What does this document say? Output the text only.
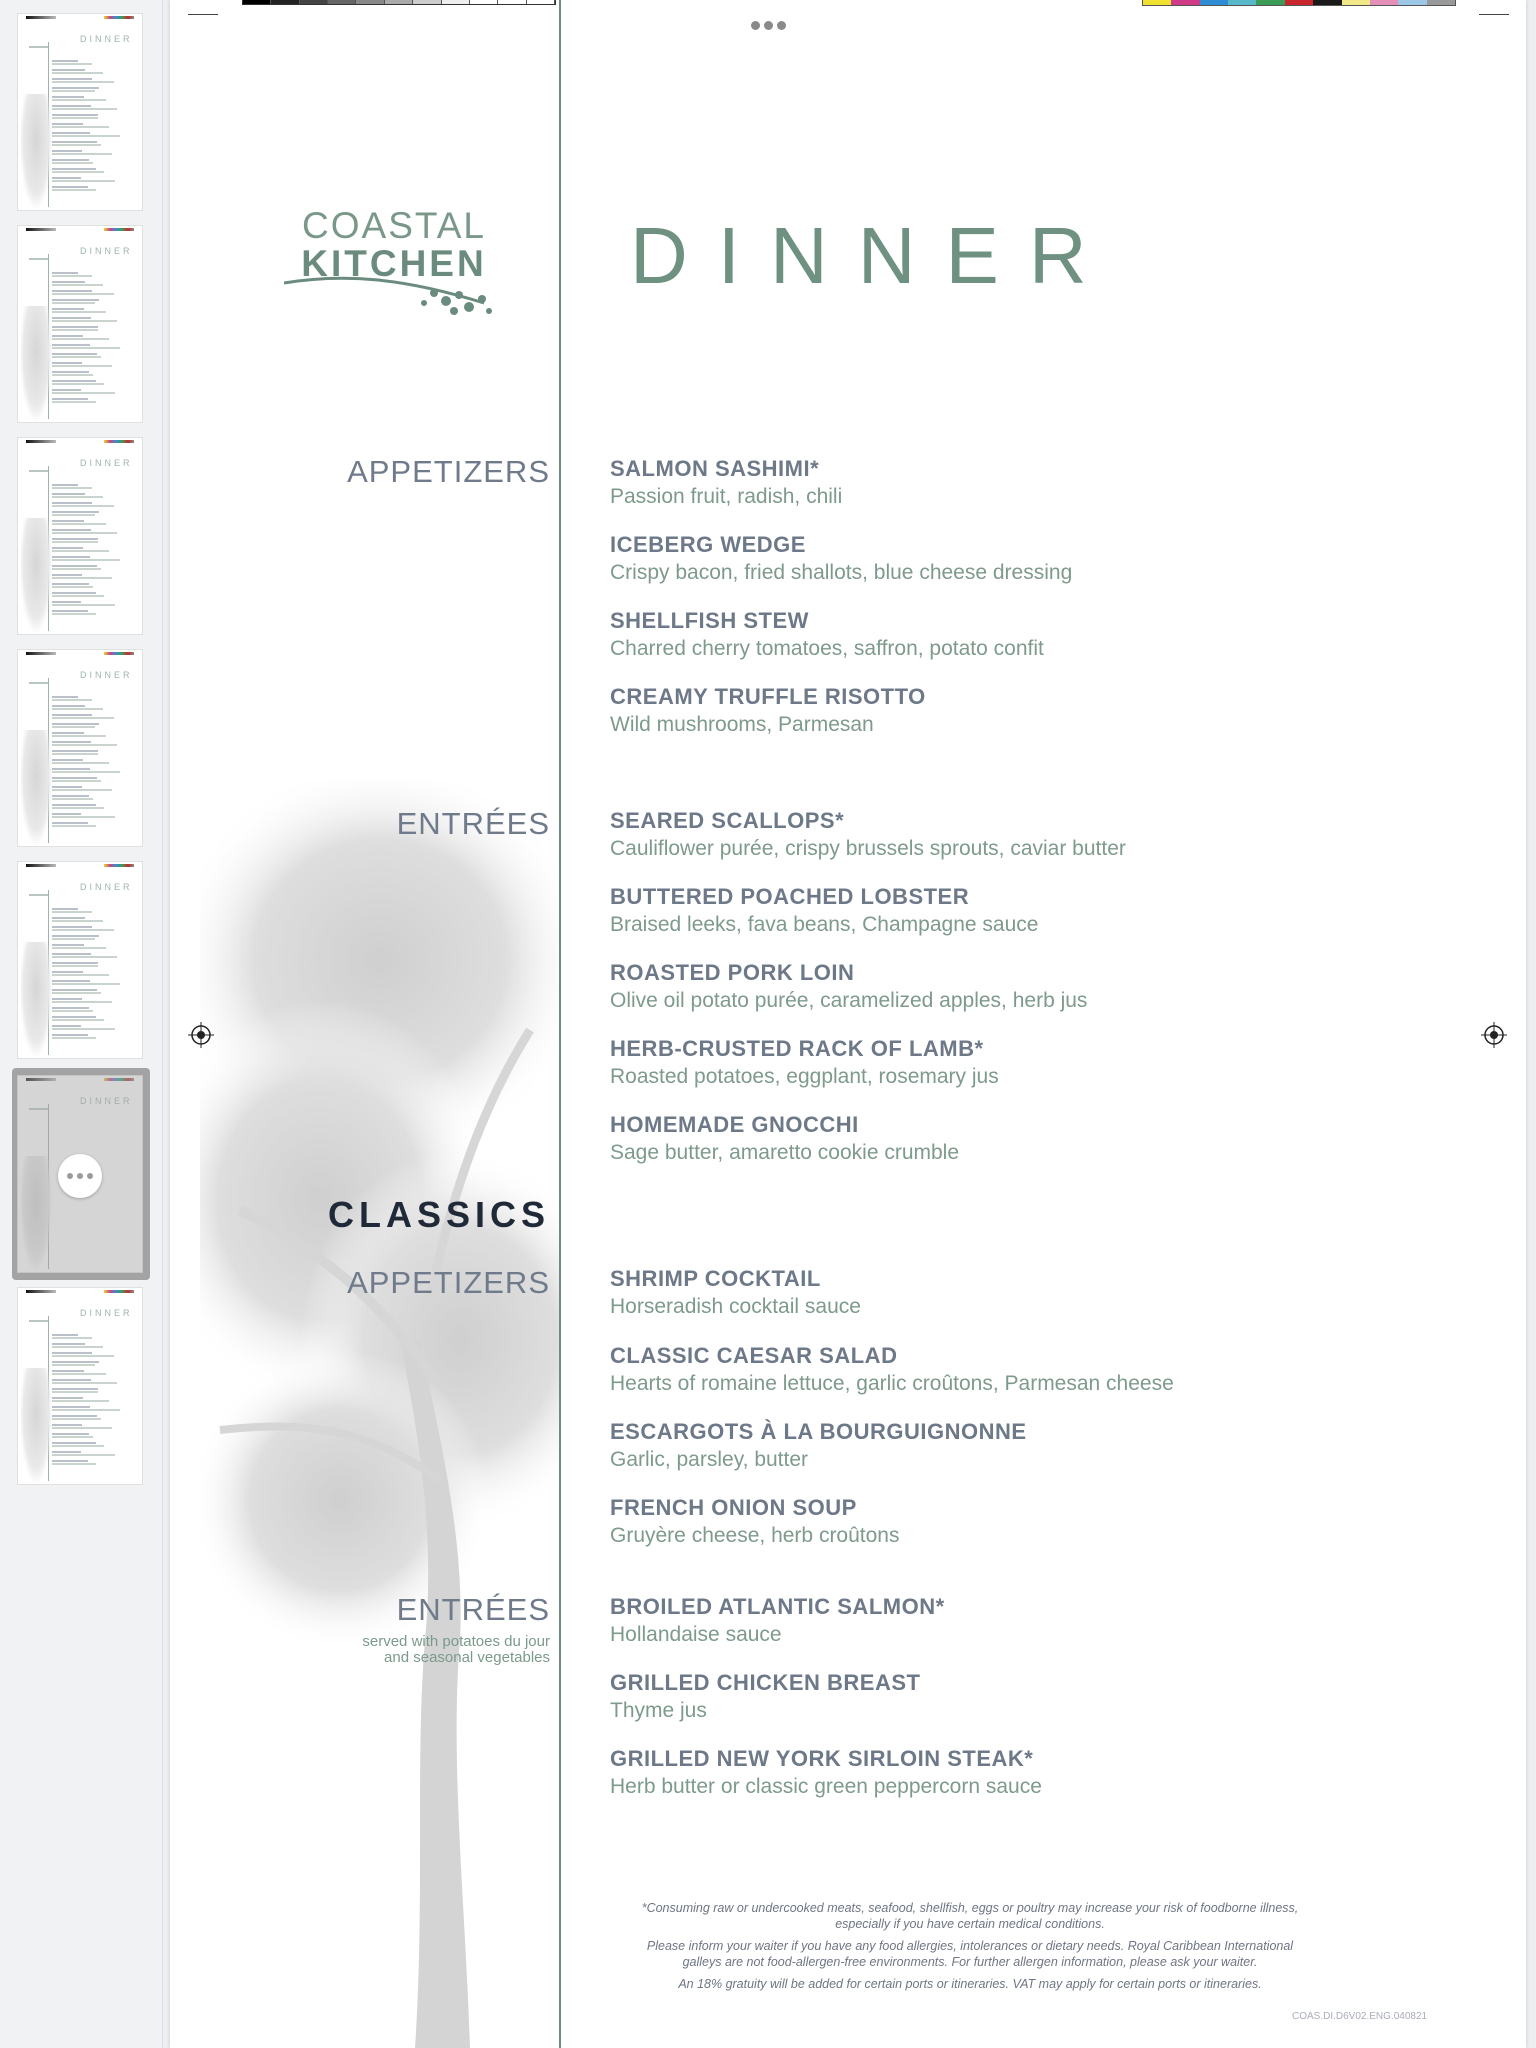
DINNER
DINNER
DINNER
DINNER
DINNER
DINNER
DINNER
COASTAL
KITCHEN DINNER
APPETIZERS	SALMON SASHIMI*
Passion fruit, radish, chili
ICEBERG WEDGE
Crispy bacon, fried shallots, blue cheese dressing
SHELLFISH STEW
Charred cherry tomatoes, saffron, potato confit
CREAMY TRUFFLE RISOTTO
Wild mushrooms, Parmesan
ENTRÉES	SEARED SCALLOPS*
Cauliflower purée, crispy brussels sprouts, caviar butter
BUTTERED POACHED LOBSTER
Braised leeks, fava beans, Champagne sauce
ROASTED PORK LOIN
Olive oil potato purée, caramelized apples, herb jus
HERB-CRUSTED RACK OF LAMB*
Roasted potatoes, eggplant, rosemary jus
HOMEMADE GNOCCHI
Sage butter, amaretto cookie crumble
CLASSICS
APPETIZERS	SHRIMP COCKTAIL
Horseradish cocktail sauce
CLASSIC CAESAR SALAD
Hearts of romaine lettuce, garlic croûtons, Parmesan cheese
ESCARGOTS À LA BOURGUIGNONNE
Garlic, parsley, butter
FRENCH ONION SOUP
Gruyère cheese, herb croûtons
ENTRÉES
served with potatoes du jour
and seasonal vegetables
BROILED ATLANTIC SALMON*
Hollandaise sauce
GRILLED CHICKEN BREAST
Thyme jus
GRILLED NEW YORK SIRLOIN STEAK*
Herb butter or classic green peppercorn sauce

*Consuming raw or undercooked meats, seafood, shellfish, eggs or poultry may increase your risk of foodborne illness,
especially if you have certain medical conditions.

Please inform your waiter if you have any food allergies, intolerances or dietary needs. Royal Caribbean International
galleys are not food-allergen-free environments. For further allergen information, please ask your waiter.

An 18% gratuity will be added for certain ports or itineraries. VAT may apply for certain ports or itineraries.

COAS.DI.D6V02.ENG.040821
